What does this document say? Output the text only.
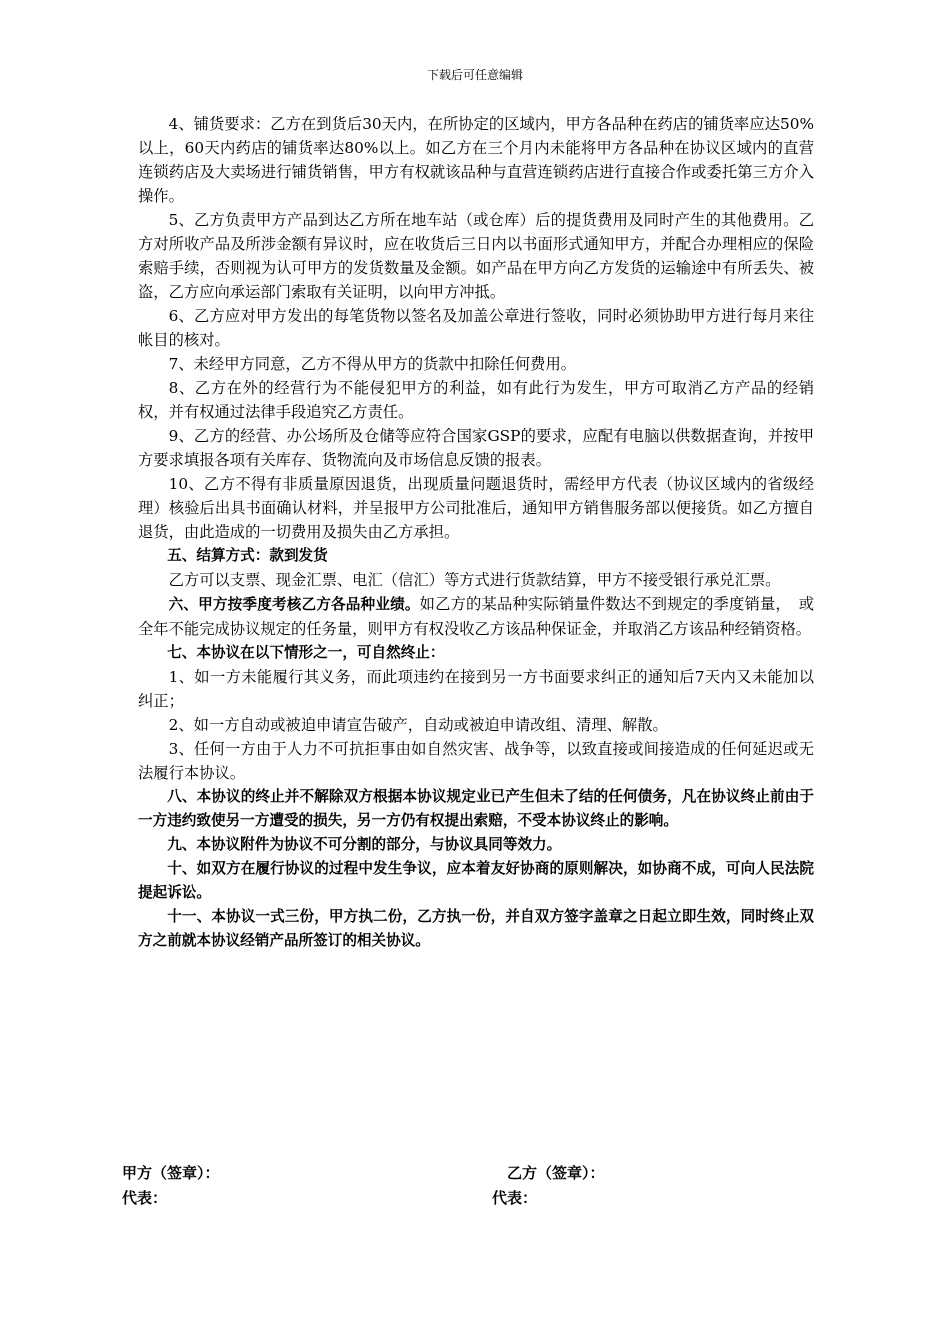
下载后可任意编辑

4、铺货要求：乙方在到货后30天内，在所协定的区域内，甲方各品种在药店的铺货率应达50%以上，60天内药店的铺货率达80%以上。如乙方在三个月内未能将甲方各品种在协议区域内的直营连锁药店及大卖场进行铺货销售，甲方有权就该品种与直营连锁药店进行直接合作或委托第三方介入操作。

5、乙方负责甲方产品到达乙方所在地车站（或仓库）后的提货费用及同时产生的其他费用。乙方对所收产品及所涉金额有异议时，应在收货后三日内以书面形式通知甲方，并配合办理相应的保险索赔手续，否则视为认可甲方的发货数量及金额。如产品在甲方向乙方发货的运输途中有所丢失、被盗，乙方应向承运部门索取有关证明，以向甲方冲抵。

6、乙方应对甲方发出的每笔货物以签名及加盖公章进行签收，同时必须协助甲方进行每月来往帐目的核对。

7、未经甲方同意，乙方不得从甲方的货款中扣除任何费用。

8、乙方在外的经营行为不能侵犯甲方的利益，如有此行为发生，甲方可取消乙方产品的经销权，并有权通过法律手段追究乙方责任。

9、乙方的经营、办公场所及仓储等应符合国家GSP的要求，应配有电脑以供数据查询，并按甲方要求填报各项有关库存、货物流向及市场信息反馈的报表。

10、乙方不得有非质量原因退货，出现质量问题退货时，需经甲方代表（协议区域内的省级经理）核验后出具书面确认材料，并呈报甲方公司批准后，通知甲方销售服务部以便接货。如乙方擅自退货，由此造成的一切费用及损失由乙方承担。

五、结算方式：款到发货

乙方可以支票、现金汇票、电汇（信汇）等方式进行货款结算，甲方不接受银行承兑汇票。

六、甲方按季度考核乙方各品种业绩。如乙方的某品种实际销量件数达不到规定的季度销量，　或全年不能完成协议规定的任务量，则甲方有权没收乙方该品种保证金，并取消乙方该品种经销资格。

七、本协议在以下情形之一，可自然终止：

1、如一方未能履行其义务，而此项违约在接到另一方书面要求纠正的通知后7天内又未能加以纠正；

2、如一方自动或被迫申请宣告破产，自动或被迫申请改组、清理、解散。

3、任何一方由于人力不可抗拒事由如自然灾害、战争等，以致直接或间接造成的任何延迟或无法履行本协议。

八、本协议的终止并不解除双方根据本协议规定业已产生但未了结的任何债务，凡在协议终止前由于一方违约致使另一方遭受的损失，另一方仍有权提出索赔，不受本协议终止的影响。

九、本协议附件为协议不可分割的部分，与协议具同等效力。

十、如双方在履行协议的过程中发生争议，应本着友好协商的原则解决，如协商不成，可向人民法院提起诉讼。

十一、本协议一式三份，甲方执二份，乙方执一份，并自双方签字盖章之日起立即生效，同时终止双方之前就本协议经销产品所签订的相关协议。

甲方（签章）：
代表：
乙方（签章）：
代表：
